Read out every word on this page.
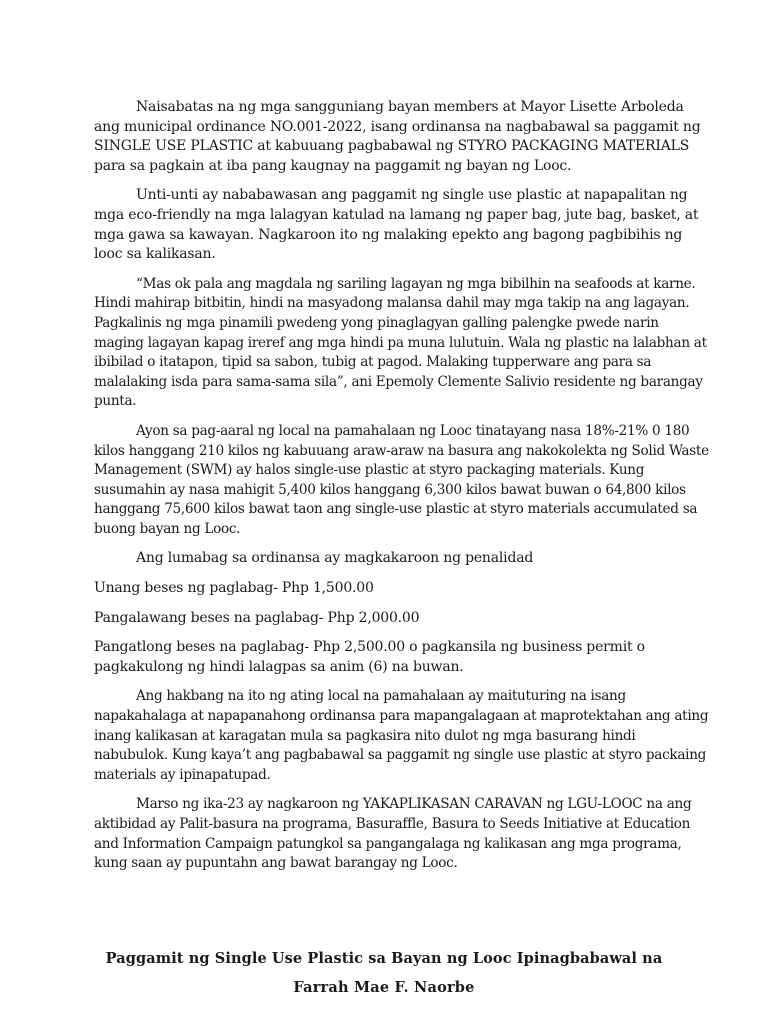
Naisabatas na ng mga sangguniang bayan members at Mayor Lisette Arboleda ang municipal ordinance NO.001-2022, isang ordinansa na nagbabawal sa paggamit ng SINGLE USE PLASTIC at kabuuang pagbabawal ng STYRO PACKAGING MATERIALS para sa pagkain at iba pang kaugnay na paggamit ng bayan ng Looc.

Unti-unti ay nababawasan ang paggamit ng single use plastic at napapalitan ng mga eco-friendly na mga lalagyan katulad na lamang ng paper bag, jute bag, basket, at mga gawa sa kawayan. Nagkaroon ito ng malaking epekto ang bagong pagbibihis ng looc sa kalikasan.

“Mas ok pala ang magdala ng sariling lagayan ng mga bibilhin na seafoods at karne. Hindi mahirap bitbitin, hindi na masyadong malansa dahil may mga takip na ang lagayan. Pagkalinis ng mga pinamili pwedeng yong pinaglagyan galling palengke pwede narin maging lagayan kapag ireref ang mga hindi pa muna lulutuin. Wala ng plastic na lalabhan at ibibilad o itatapon, tipid sa sabon, tubig at pagod. Malaking tupperware ang para sa malalaking isda para sama-sama sila”, ani Epemoly Clemente Salivio residente ng barangay punta.

Ayon sa pag-aaral ng local na pamahalaan ng Looc tinatayang nasa 18%-21% 0 180 kilos hanggang 210 kilos ng kabuuang araw-araw na basura ang nakokolekta ng Solid Waste Management (SWM) ay halos single-use plastic at styro packaging materials. Kung susumahin ay nasa mahigit 5,400 kilos hanggang 6,300 kilos bawat buwan o 64,800 kilos hanggang 75,600 kilos bawat taon ang single-use plastic at styro materials accumulated sa buong bayan ng Looc.

Ang lumabag sa ordinansa ay magkakaroon ng penalidad

Unang beses ng paglabag- Php 1,500.00

Pangalawang beses na paglabag- Php 2,000.00

Pangatlong beses na paglabag- Php 2,500.00 o pagkansila ng business permit o pagkakulong ng hindi lalagpas sa anim (6) na buwan.

Ang hakbang na ito ng ating local na pamahalaan ay maituturing na isang napakahalaga at napapanahong ordinansa para mapangalagaan at maprotektahan ang ating inang kalikasan at karagatan mula sa pagkasira nito dulot ng mga basurang hindi nabubulok. Kung kaya’t ang pagbabawal sa paggamit ng single use plastic at styro packaing materials ay ipinapatupad.

Marso ng ika-23 ay nagkaroon ng YAKAPLIKASAN CARAVAN ng LGU-LOOC na ang aktibidad ay Palit-basura na programa, Basuraffle, Basura to Seeds Initiative at Education and Information Campaign patungkol sa pangangalaga ng kalikasan ang mga programa, kung saan ay pupuntahn ang bawat barangay ng Looc.

Paggamit ng Single Use Plastic sa Bayan ng Looc Ipinagbabawal na
Farrah Mae F. Naorbe
